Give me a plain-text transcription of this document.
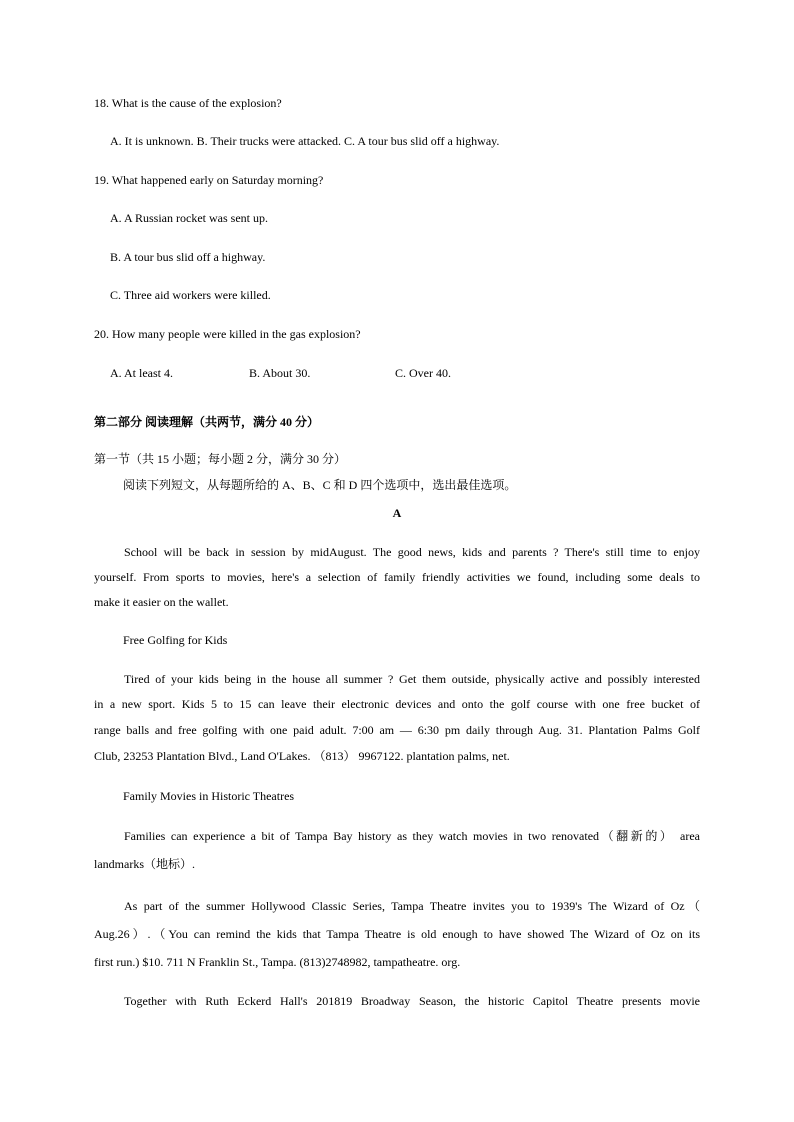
18. What is the cause of the explosion?
A. It is unknown. B. Their trucks were attacked. C. A tour bus slid off a highway.
19. What happened early on Saturday morning?
A. A Russian rocket was sent up.
B. A tour bus slid off a highway.
C. Three aid workers were killed.
20. How many people were killed in the gas explosion?
A. At least 4.	B. About 30.	C. Over 40.
第二部分 阅读理解（共两节，满分 40 分）
第一节（共 15 小题；每小题 2 分，满分 30 分）
阅读下列短文，从每题所给的 A、B、C 和 D 四个选项中，选出最佳选项。
A
School will be back in session by midAugust. The good news, kids and parents ? There's still time to enjoy
yourself. From sports to movies, here's a selection of family friendly activities we found, including some deals to
make it easier on the wallet.
Free Golfing for Kids
Tired of your kids being in the house all summer ? Get them outside, physically active and possibly interested
in a new sport. Kids 5 to 15 can leave their electronic devices and onto the golf course with one free bucket of
range balls and free golfing with one paid adult. 7:00 am — 6:30 pm daily through Aug. 31. Plantation Palms Golf
Club, 23253 Plantation Blvd., Land O'Lakes. （813） 9967122. plantation palms, net.
Family Movies in Historic Theatres
Families can experience a bit of Tampa Bay history as they watch movies in two renovated（翻新的） area
landmarks（地标）.
As part of the summer Hollywood Classic Series, Tampa Theatre invites you to 1939's The Wizard of Oz（
Aug.26）.（You can remind the kids that Tampa Theatre is old enough to have showed The Wizard of Oz on its
first run.) $10. 711 N Franklin St., Tampa. (813)2748982, tampatheatre. org.
Together with Ruth Eckerd Hall's 201819 Broadway Season, the historic Capitol Theatre presents movie
